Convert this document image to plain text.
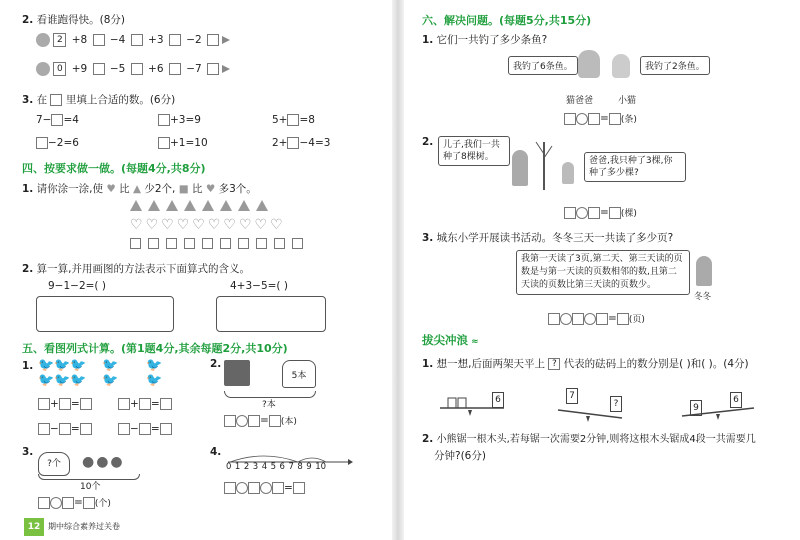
2. 看谁跑得快。(8分)
2 +8 −4 +3 −2
0 +9 −5 +6 −7
3. 在 里填上合适的数。(6分)
7− =4	+3=9	5+ =8
−2=6	+1=10	2+ −4=3
四、按要求做一做。(每题4分,共8分)
1. 请你涂一涂,使 ♥ 比 ▲ 少2个, ■ 比 ♥ 多3个。
♡ ♡ ♡ ♡ ♡ ♡ ♡ ♡ ♡ ♡
2. 算一算,并用画图的方法表示下面算式的含义。
9−1−2=( )	4+3−5=( )
五、看图列式计算。(第1题4分,其余每题2分,共10分)
1. 🐦🐦🐦
🐦🐦🐦
🐦
🐦
🐦
🐦
+ =	+ =
− =	− =
2.
5本
?本
= (本)
3.
?个	●●●
10个
= (个)
4.
0 1 2 3 4 5 6 7 8 9 10
=
12 期中综合素养过关卷
六、解决问题。(每题5分,共15分)
1. 它们一共钓了多少条鱼?
我钓了6条鱼。	我钓了2条鱼。
猫爸爸	小猫
= (条)
2.	儿子,我们一共种了8棵树。	爸爸,我只种了3棵,你种了多少棵?
= (棵)
3. 城东小学开展读书活动。冬冬三天一共读了多少页?
我第一天读了3页,第二天、第三天读的页数是与第一天读的页数相邻的数,且第二天读的页数比第三天读的页数少。
冬冬
= (页)
拔尖冲浪 ≈
1. 想一想,后面两架天平上 ? 代表的砝码上的数分别是( )和( )。(4分)
6	7
?	9
6
2. 小熊锯一根木头,若每锯一次需要2分钟,则将这根木头锯成4段一共需要几
分钟?(6分)
